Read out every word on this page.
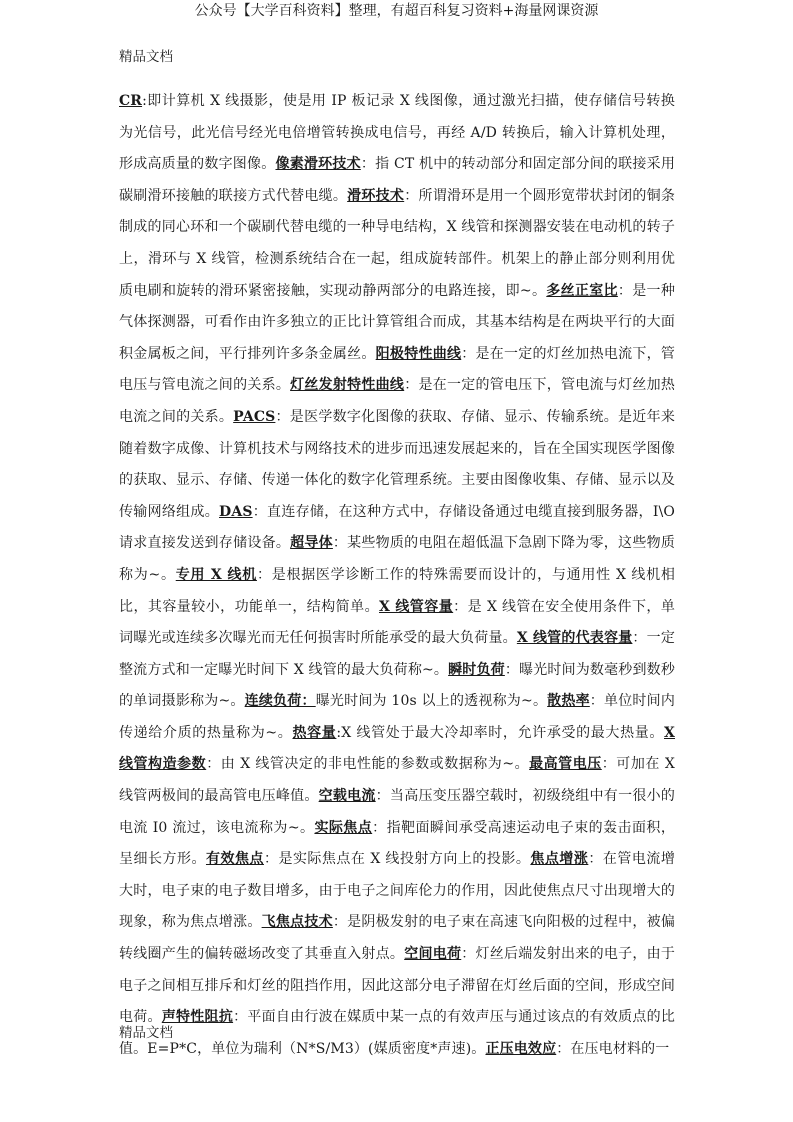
公众号【大学百科资料】整理，有超百科复习资料+海量网课资源
精品文档
CR:即计算机 X 线摄影，使是用 IP 板记录 X 线图像，通过激光扫描，使存储信号转换为光信号，此光信号经光电倍增管转换成电信号，再经 A/D 转换后，输入计算机处理，形成高质量的数字图像。像素滑环技术：指 CT 机中的转动部分和固定部分间的联接采用碳刷滑环接触的联接方式代替电缆。滑环技术：所谓滑环是用一个圆形宽带状封闭的铜条制成的同心环和一个碳刷代替电缆的一种导电结构，X 线管和探测器安装在电动机的转子上，滑环与 X 线管，检测系统结合在一起，组成旋转部件。机架上的静止部分则利用优质电刷和旋转的滑环紧密接触，实现动静两部分的电路连接，即~。多丝正室比：是一种气体探测器，可看作由许多独立的正比计算管组合而成，其基本结构是在两块平行的大面积金属板之间，平行排列许多条金属丝。阳极特性曲线：是在一定的灯丝加热电流下，管电压与管电流之间的关系。灯丝发射特性曲线：是在一定的管电压下，管电流与灯丝加热电流之间的关系。PACS：是医学数字化图像的获取、存储、显示、传输系统。是近年来随着数字成像、计算机技术与网络技术的进步而迅速发展起来的，旨在全国实现医学图像的获取、显示、存储、传递一体化的数字化管理系统。主要由图像收集、存储、显示以及传输网络组成。DAS：直连存储，在这种方式中，存储设备通过电缆直接到服务器，I\O 请求直接发送到存储设备。超导体：某些物质的电阻在超低温下急剧下降为零，这些物质称为~。专用 X 线机：是根据医学诊断工作的特殊需要而设计的，与通用性 X 线机相比，其容量较小，功能单一，结构简单。X 线管容量：是 X 线管在安全使用条件下，单词曝光或连续多次曝光而无任何损害时所能承受的最大负荷量。X 线管的代表容量：一定整流方式和一定曝光时间下 X 线管的最大负荷称~。瞬时负荷：曝光时间为数毫秒到数秒的单词摄影称为~。连续负荷：曝光时间为 10s 以上的透视称为~。散热率：单位时间内传递给介质的热量称为~。热容量:X 线管处于最大冷却率时，允许承受的最大热量。X 线管构造参数：由 X 线管决定的非电性能的参数或数据称为~。最高管电压：可加在 X 线管两极间的最高管电压峰值。空载电流：当高压变压器空载时，初级绕组中有一很小的电流 I0 流过，该电流称为~。实际焦点：指靶面瞬间承受高速运动电子束的轰击面积，呈细长方形。有效焦点：是实际焦点在 X 线投射方向上的投影。焦点增涨：在管电流增大时，电子束的电子数目增多，由于电子之间库伦力的作用，因此使焦点尺寸出现增大的现象，称为焦点增涨。飞焦点技术：是阴极发射的电子束在高速飞向阳极的过程中，被偏转线圈产生的偏转磁场改变了其垂直入射点。空间电荷：灯丝后端发射出来的电子，由于电子之间相互排斥和灯丝的阻挡作用，因此这部分电子滞留在灯丝后面的空间，形成空间电荷。声特性阻抗：平面自由行波在媒质中某一点的有效声压与通过该点的有效质点的比值。E=P*C，单位为瑞利（N*S/M3）(媒质密度*声速)。正压电效应：在压电材料的一
精品文档
